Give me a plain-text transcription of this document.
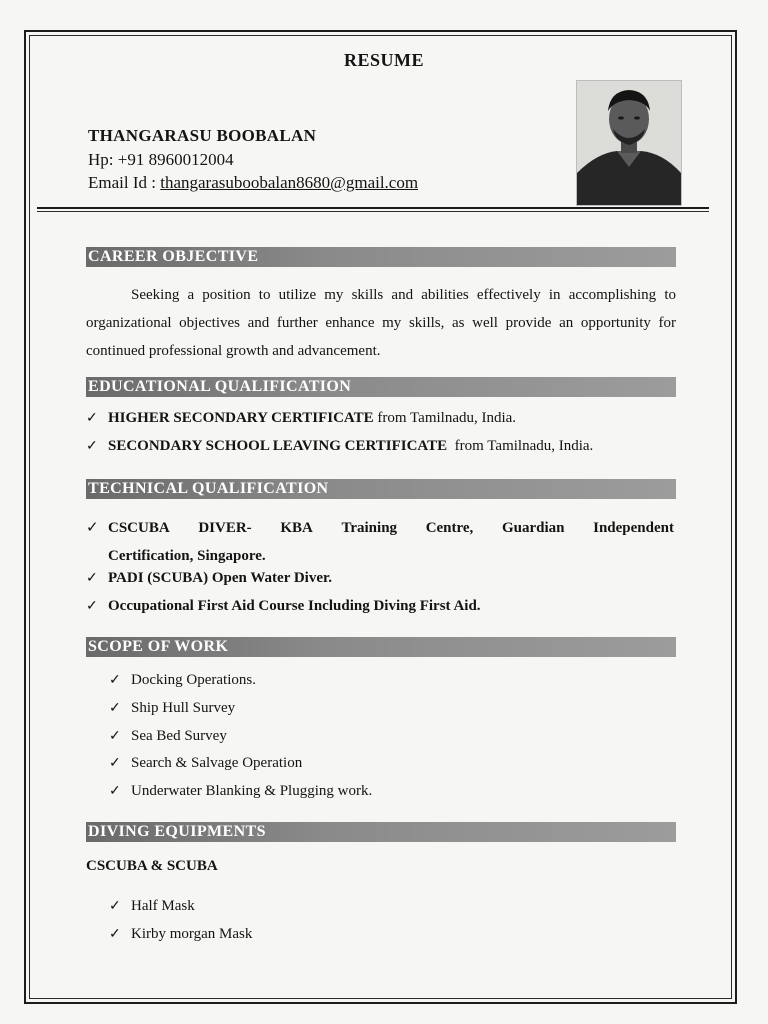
RESUME
THANGARASU BOOBALAN
Hp: +91 8960012004
Email Id : thangarasuboobalan8680@gmail.com
CAREER OBJECTIVE
Seeking a position to utilize my skills and abilities effectively in accomplishing to organizational objectives and further enhance my skills, as well provide an opportunity for continued professional growth and advancement.
EDUCATIONAL QUALIFICATION
✓ HIGHER SECONDARY CERTIFICATE from Tamilnadu, India.
✓ SECONDARY SCHOOL LEAVING CERTIFICATE  from Tamilnadu, India.
TECHNICAL QUALIFICATION
✓ CSCUBA DIVER- KBA Training Centre, Guardian Independent
Certification, Singapore.
✓ PADI (SCUBA) Open Water Diver.
✓ Occupational First Aid Course Including Diving First Aid.
SCOPE OF WORK
✓ Docking Operations.
✓ Ship Hull Survey
✓ Sea Bed Survey
✓ Search & Salvage Operation
✓ Underwater Blanking & Plugging work.
DIVING EQUIPMENTS
CSCUBA & SCUBA
✓ Half Mask
✓ Kirby morgan Mask
